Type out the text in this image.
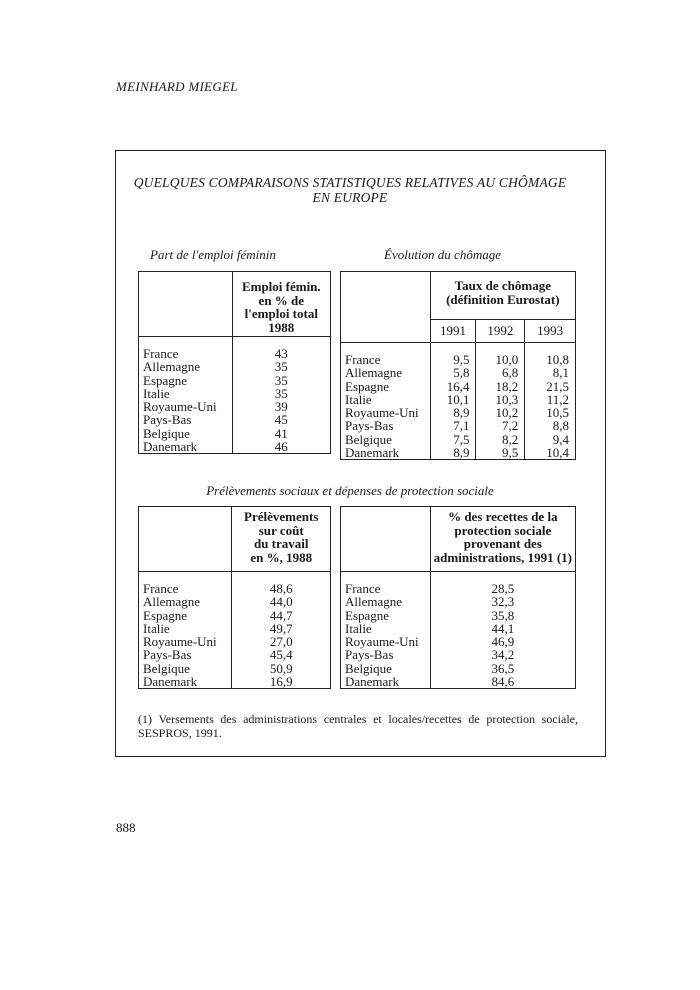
MEINHARD MIEGEL
QUELQUES COMPARAISONS STATISTIQUES RELATIVES AU CHÔMAGE
EN EUROPE
Part de l'emploi féminin	Évolution du chômage
Prélèvements sociaux et dépenses de protection sociale

	Emploi fémin.
en % de
l'emploi total
1988

France	43
Allemagne	35
Espagne	35
Italie	35
Royaume-Uni	39
Pays-Bas	45
Belgique	41
Danemark	46

	Taux de chômage
(définition Eurostat)		

	1991	1992	1993

France	9,5	10,0	10,8
Allemagne	5,8	6,8	8,1
Espagne	16,4	18,2	21,5
Italie	10,1	10,3	11,2
Royaume-Uni	8,9	10,2	10,5
Pays-Bas	7,1	7,2	8,8
Belgique	7,5	8,2	9,4
Danemark	8,9	9,5	10,4

	Prélèvements
sur coût
du travail
en %, 1988

France	48,6
Allemagne	44,0
Espagne	44,7
Italie	49,7
Royaume-Uni	27,0
Pays-Bas	45,4
Belgique	50,9
Danemark	16,9

	% des recettes de la
protection sociale
provenant des
administrations, 1991 (1)

France	28,5
Allemagne	32,3
Espagne	35,8
Italie	44,1
Royaume-Uni	46,9
Pays-Bas	34,2
Belgique	36,5
Danemark	84,6
(1) Versements des administrations centrales et locales/recettes de protection sociale, SESPROS, 1991.
888
